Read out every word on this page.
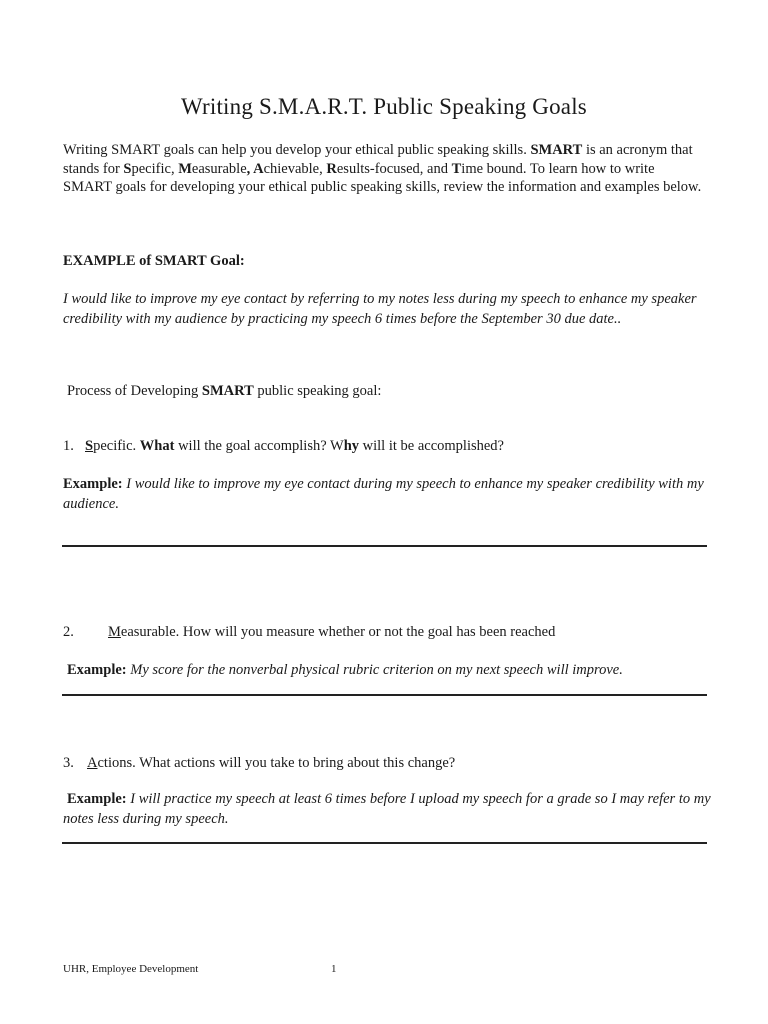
Writing S.M.A.R.T. Public Speaking Goals
Writing SMART goals can help you develop your ethical public speaking skills. SMART is an acronym that stands for Specific, Measurable, Achievable, Results-focused, and Time bound. To learn how to write SMART goals for developing your ethical public speaking skills, review the information and examples below.
EXAMPLE of SMART Goal:
I would like to improve my eye contact by referring to my notes less during my speech to enhance my speaker credibility with my audience by practicing my speech 6 times before the September 30 due date..
Process of Developing SMART public speaking goal:
1. Specific. What will the goal accomplish? Why will it be accomplished?
Example: I would like to improve my eye contact during my speech to enhance my speaker credibility with my audience.
2. Measurable. How will you measure whether or not the goal has been reached
Example: My score for the nonverbal physical rubric criterion on my next speech will improve.
3. Actions. What actions will you take to bring about this change?
Example: I will practice my speech at least 6 times before I upload my speech for a grade so I may refer to my notes less during my speech.
UHR, Employee Development	1
